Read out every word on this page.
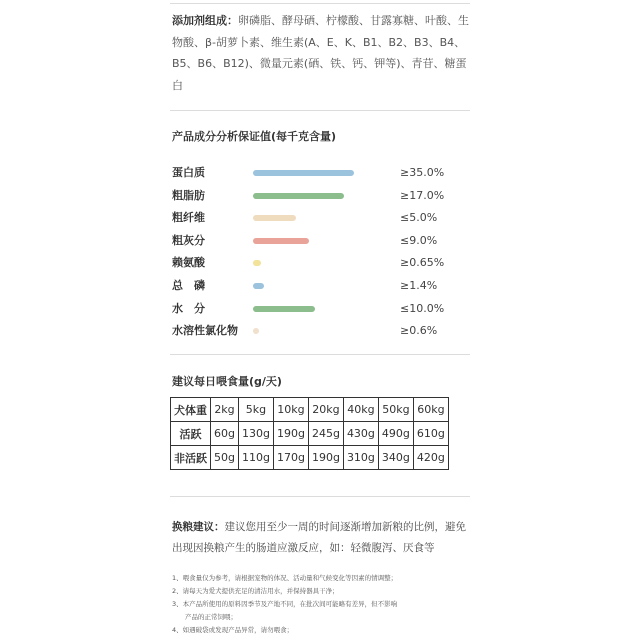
添加剂组成：卵磷脂、酵母硒、柠檬酸、甘露寡糖、叶酸、生物酸、β-胡萝卜素、维生素(A、E、K、B1、B2、B3、B4、B5、B6、B12)、微量元素(硒、铁、钙、钾等)、青苷、糖蛋白
产品成分分析保证值(每千克含量)
蛋白质	≥35.0%
粗脂肪	≥17.0%
粗纤维	≤5.0%
粗灰分	≤9.0%
赖氨酸	≥0.65%
总　磷	≥1.4%
水　分	≤10.0%
水溶性氯化物	≥0.6%
建议每日喂食量(g/天)
犬体重	2kg	5kg	10kg	20kg	40kg	50kg	60kg
活跃	60g	130g	190g	245g	430g	490g	610g
非活跃	50g	110g	170g	190g	310g	340g	420g
换粮建议：建议您用至少一周的时间逐渐增加新粮的比例，避免出现因换粮产生的肠道应激反应，如：轻微腹泻、厌食等
1、喂食量仅为参考，请根据宠物的体况、活动量和气候变化等因素的情调整；
2、请每天为爱犬提供充足的清洁用水，并保持器具干净；
3、本产品所使用的原料因季节及产地不同，在批次间可能略有差异，但不影响
　　产品的正常饲喂；
4、如遇破袋或发现产品异常，请勿喂食；
